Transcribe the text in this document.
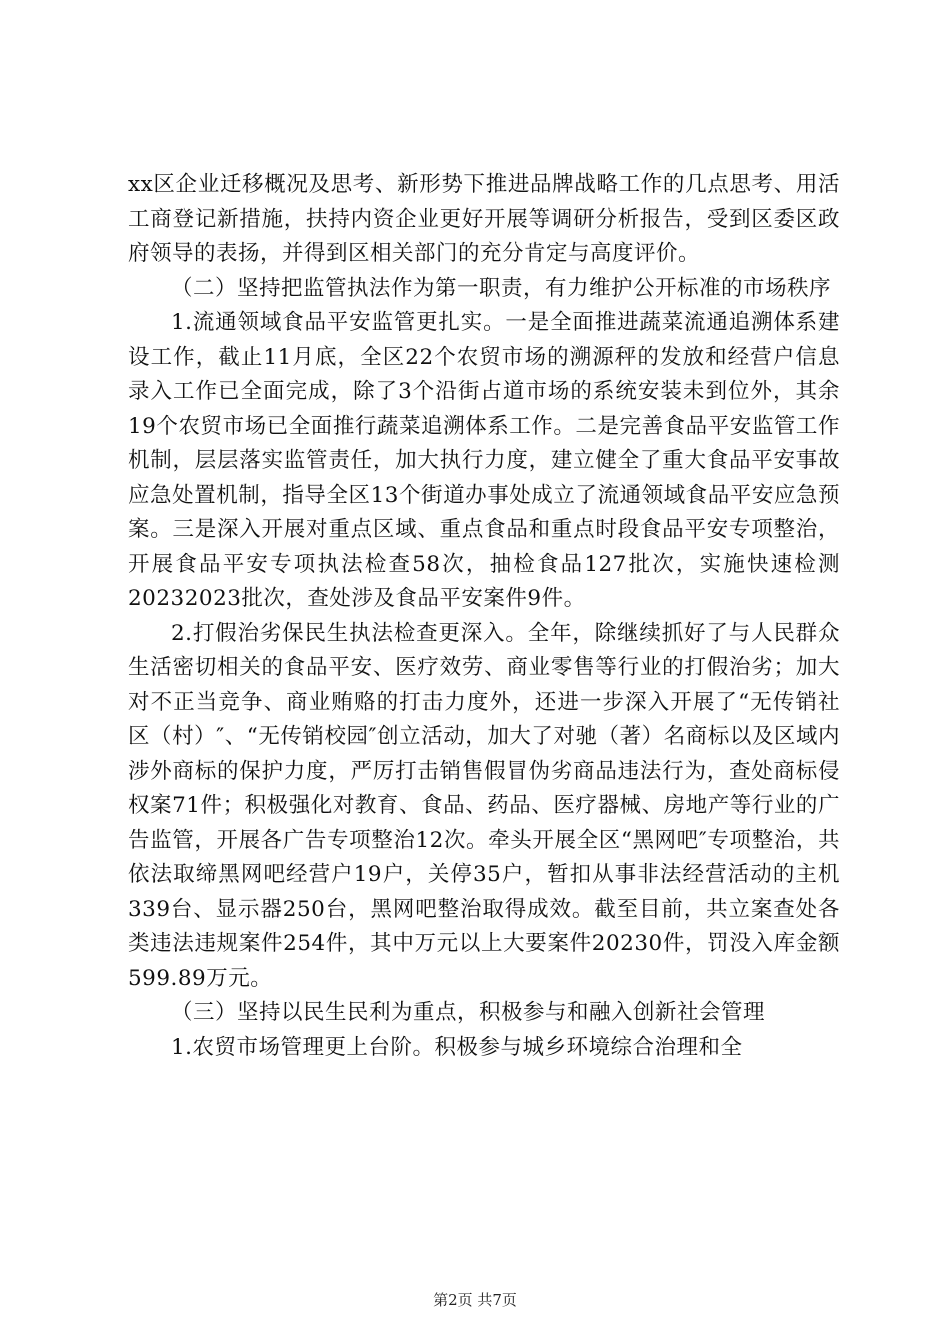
xx区企业迁移概况及思考、新形势下推进品牌战略工作的几点思考、用活工商登记新措施，扶持内资企业更好开展等调研分析报告，受到区委区政府领导的表扬，并得到区相关部门的充分肯定与高度评价。

（二）坚持把监管执法作为第一职责，有力维护公开标准的市场秩序

1.流通领域食品平安监管更扎实。一是全面推进蔬菜流通追溯体系建设工作，截止11月底，全区22个农贸市场的溯源秤的发放和经营户信息录入工作已全面完成，除了3个沿街占道市场的系统安装未到位外，其余19个农贸市场已全面推行蔬菜追溯体系工作。二是完善食品平安监管工作机制，层层落实监管责任，加大执行力度，建立健全了重大食品平安事故应急处置机制，指导全区13个街道办事处成立了流通领域食品平安应急预案。三是深入开展对重点区域、重点食品和重点时段食品平安专项整治，开展食品平安专项执法检查58次，抽检食品127批次，实施快速检测20232023批次，查处涉及食品平安案件9件。

2.打假治劣保民生执法检查更深入。全年，除继续抓好了与人民群众生活密切相关的食品平安、医疗效劳、商业零售等行业的打假治劣；加大对不正当竞争、商业贿赂的打击力度外，还进一步深入开展了“无传销社区（村）″、“无传销校园″创立活动，加大了对驰（著）名商标以及区域内涉外商标的保护力度，严厉打击销售假冒伪劣商品违法行为，查处商标侵权案71件；积极强化对教育、食品、药品、医疗器械、房地产等行业的广告监管，开展各广告专项整治12次。牵头开展全区“黑网吧″专项整治，共依法取缔黑网吧经营户19户，关停35户，暂扣从事非法经营活动的主机339台、显示器250台，黑网吧整治取得成效。截至目前，共立案查处各类违法违规案件254件，其中万元以上大要案件20230件，罚没入库金额599.89万元。

（三）坚持以民生民利为重点，积极参与和融入创新社会管理

1.农贸市场管理更上台阶。积极参与城乡环境综合治理和全

第2页 共7页
